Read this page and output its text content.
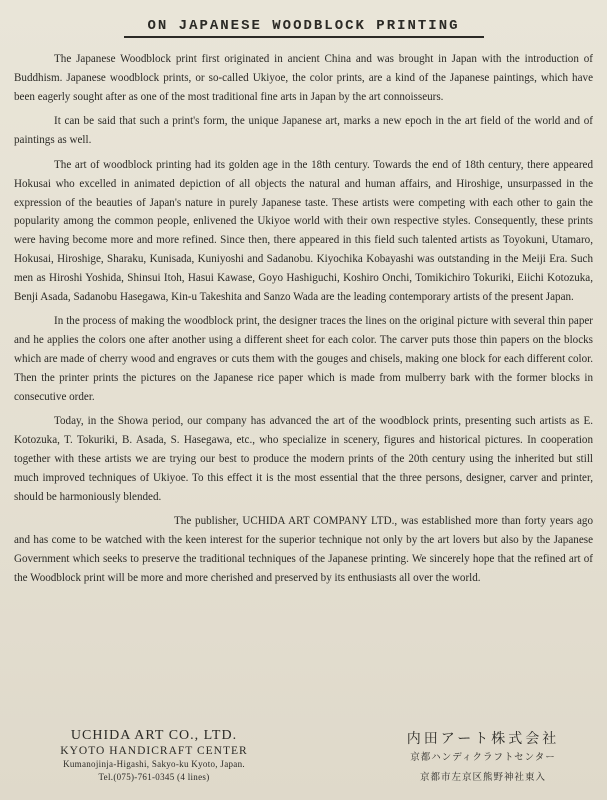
ON JAPANESE WOODBLOCK PRINTING

The Japanese Woodblock print first originated in ancient China and was brought in Japan with the introduction of Buddhism. Japanese woodblock prints, or so-called Ukiyoe, the color prints, are a kind of the Japanese paintings, which have been eagerly sought after as one of the most traditional fine arts in Japan by the art connoisseurs.

It can be said that such a print's form, the unique Japanese art, marks a new epoch in the art field of the world and of paintings as well.

The art of woodblock printing had its golden age in the 18th century. Towards the end of 18th century, there appeared Hokusai who excelled in animated depiction of all objects the natural and human affairs, and Hiroshige, unsurpassed in the expression of the beauties of Japan's nature in purely Japanese taste. These artists were competing with each other to gain the popularity among the common people, enlivened the Ukiyoe world with their own respective styles. Consequently, these prints were having become more and more refined. Since then, there appeared in this field such talented artists as Toyokuni, Utamaro, Hokusai, Hiroshige, Sharaku, Kunisada, Kuniyoshi and Sadanobu. Kiyochika Kobayashi was outstanding in the Meiji Era. Such men as Hiroshi Yoshida, Shinsui Itoh, Hasui Kawase, Goyo Hashiguchi, Koshiro Onchi, Tomikichiro Tokuriki, Eiichi Kotozuka, Benji Asada, Sadanobu Hasegawa, Kin-u Takeshita and Sanzo Wada are the leading contemporary artists of the present Japan.

In the process of making the woodblock print, the designer traces the lines on the original picture with several thin paper and he applies the colors one after another using a different sheet for each color. The carver puts those thin papers on the blocks which are made of cherry wood and engraves or cuts them with the gouges and chisels, making one block for each different color. Then the printer prints the pictures on the Japanese rice paper which is made from mulberry bark with the former blocks in consecutive order.

Today, in the Showa period, our company has advanced the art of the woodblock prints, presenting such artists as E. Kotozuka, T. Tokuriki, B. Asada, S. Hasegawa, etc., who specialize in scenery, figures and historical pictures. In cooperation together with these artists we are trying our best to produce the modern prints of the 20th century using the inherited but still much improved techniques of Ukiyoe. To this effect it is the most essential that the three persons, designer, carver and printer, should be harmoniously blended.

The publisher, UCHIDA ART COMPANY LTD., was established more than forty years ago and has come to be watched with the keen interest for the superior technique not only by the art lovers but also by the Japanese Government which seeks to preserve the traditional techniques of the Japanese printing. We sincerely hope that the refined art of the Woodblock print will be more and more cherished and preserved by its enthusiasts all over the world.

UCHIDA ART CO., LTD.
KYOTO HANDICRAFT CENTER
Kumanojinja-Higashi, Sakyo-ku Kyoto, Japan.
Tel.(075)-761-0345 (4 lines)
内田アート株式会社
京都ハンディクラフトセンター
京都市左京区熊野神社東入
